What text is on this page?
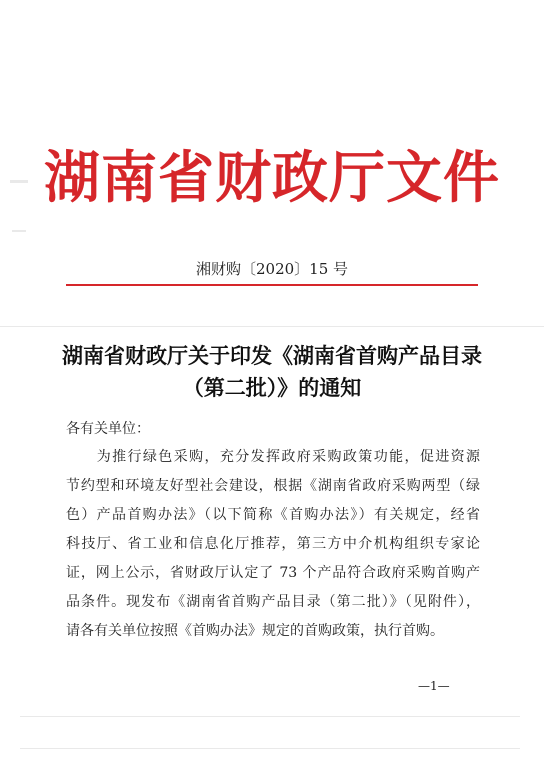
湖南省财政厅文件
湘财购〔2020〕15 号
湖南省财政厅关于印发《湖南省首购产品目录
（第二批）》的通知
各有关单位：
　　为推行绿色采购，充分发挥政府采购政策功能，促进资源
节约型和环境友好型社会建设，根据《湖南省政府采购两型（绿
色）产品首购办法》（以下简称《首购办法》）有关规定，经省
科技厅、省工业和信息化厅推荐，第三方中介机构组织专家论
证，网上公示，省财政厅认定了 73 个产品符合政府采购首购产
品条件。现发布《湖南省首购产品目录（第二批）》（见附件），
请各有关单位按照《首购办法》规定的首购政策，执行首购。
—1—
